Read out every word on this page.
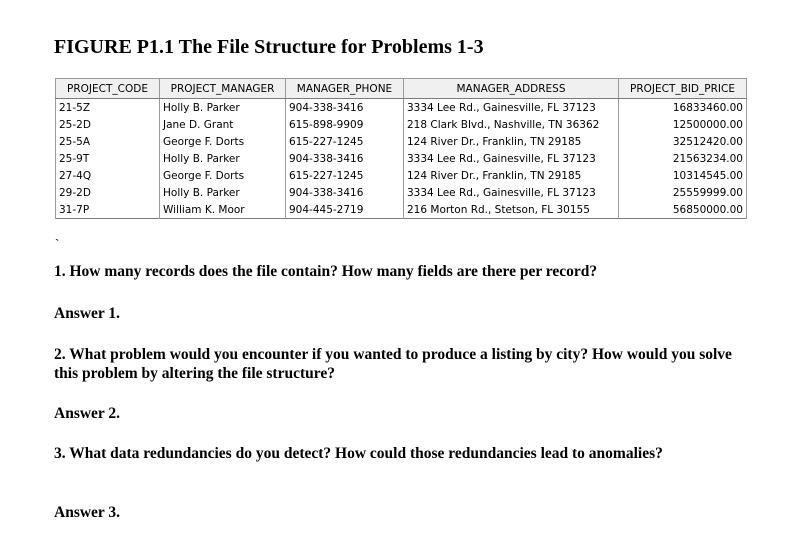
FIGURE P1.1 The File Structure for Problems 1-3
PROJECT_CODE	PROJECT_MANAGER	MANAGER_PHONE	MANAGER_ADDRESS	PROJECT_BID_PRICE
21-5Z	Holly B. Parker	904-338-3416	3334 Lee Rd., Gainesville, FL 37123	16833460.00
25-2D	Jane D. Grant	615-898-9909	218 Clark Blvd., Nashville, TN 36362	12500000.00
25-5A	George F. Dorts	615-227-1245	124 River Dr., Franklin, TN 29185	32512420.00
25-9T	Holly B. Parker	904-338-3416	3334 Lee Rd., Gainesville, FL 37123	21563234.00
27-4Q	George F. Dorts	615-227-1245	124 River Dr., Franklin, TN 29185	10314545.00
29-2D	Holly B. Parker	904-338-3416	3334 Lee Rd., Gainesville, FL 37123	25559999.00
31-7P	William K. Moor	904-445-2719	216 Morton Rd., Stetson, FL 30155	56850000.00
`
1. How many records does the file contain? How many fields are there per record?
Answer 1.
2. What problem would you encounter if you wanted to produce a listing by city? How would you solve this problem by altering the file structure?
Answer 2.
3. What data redundancies do you detect? How could those redundancies lead to anomalies?
Answer 3.
